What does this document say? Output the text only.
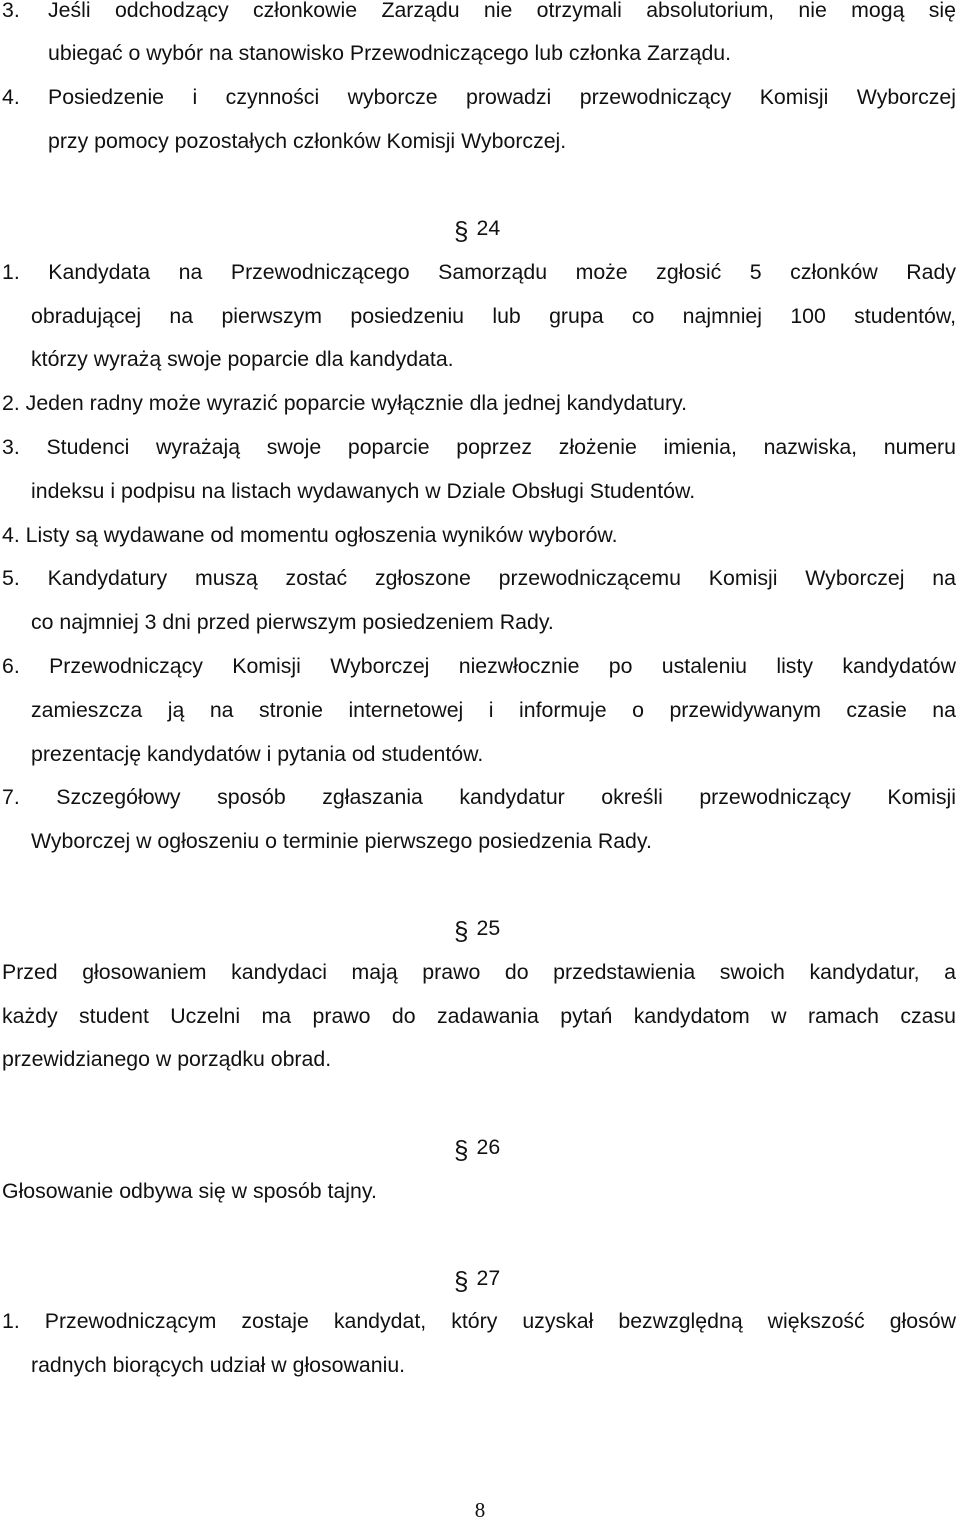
3. Jeśli odchodzący członkowie Zarządu nie otrzymali absolutorium, nie mogą się
ubiegać o wybór na stanowisko Przewodniczącego lub członka Zarządu.
4. Posiedzenie i czynności wyborcze prowadzi przewodniczący Komisji Wyborczej
przy pomocy pozostałych członków Komisji Wyborczej.
§ 24
1. Kandydata na Przewodniczącego Samorządu może zgłosić 5 członków Rady
obradującej na pierwszym posiedzeniu lub grupa co najmniej 100 studentów,
którzy wyrażą swoje poparcie dla kandydata.
2. Jeden radny może wyrazić poparcie wyłącznie dla jednej kandydatury.
3. Studenci wyrażają swoje poparcie poprzez złożenie imienia, nazwiska, numeru
indeksu i podpisu na listach wydawanych w Dziale Obsługi Studentów.
4. Listy są wydawane od momentu ogłoszenia wyników wyborów.
5. Kandydatury muszą zostać zgłoszone przewodniczącemu Komisji Wyborczej na
co najmniej 3 dni przed pierwszym posiedzeniem Rady.
6. Przewodniczący Komisji Wyborczej niezwłocznie po ustaleniu listy kandydatów
zamieszcza ją na stronie internetowej i informuje o przewidywanym czasie na
prezentację kandydatów i pytania od studentów.
7. Szczegółowy sposób zgłaszania kandydatur określi przewodniczący Komisji
Wyborczej w ogłoszeniu o terminie pierwszego posiedzenia Rady.
§ 25
Przed głosowaniem kandydaci mają prawo do przedstawienia swoich kandydatur, a
każdy student Uczelni ma prawo do zadawania pytań kandydatom w ramach czasu
przewidzianego w porządku obrad.
§ 26
Głosowanie odbywa się w sposób tajny.
§ 27
1. Przewodniczącym zostaje kandydat, który uzyskał bezwzględną większość głosów
radnych biorących udział w głosowaniu.
8
